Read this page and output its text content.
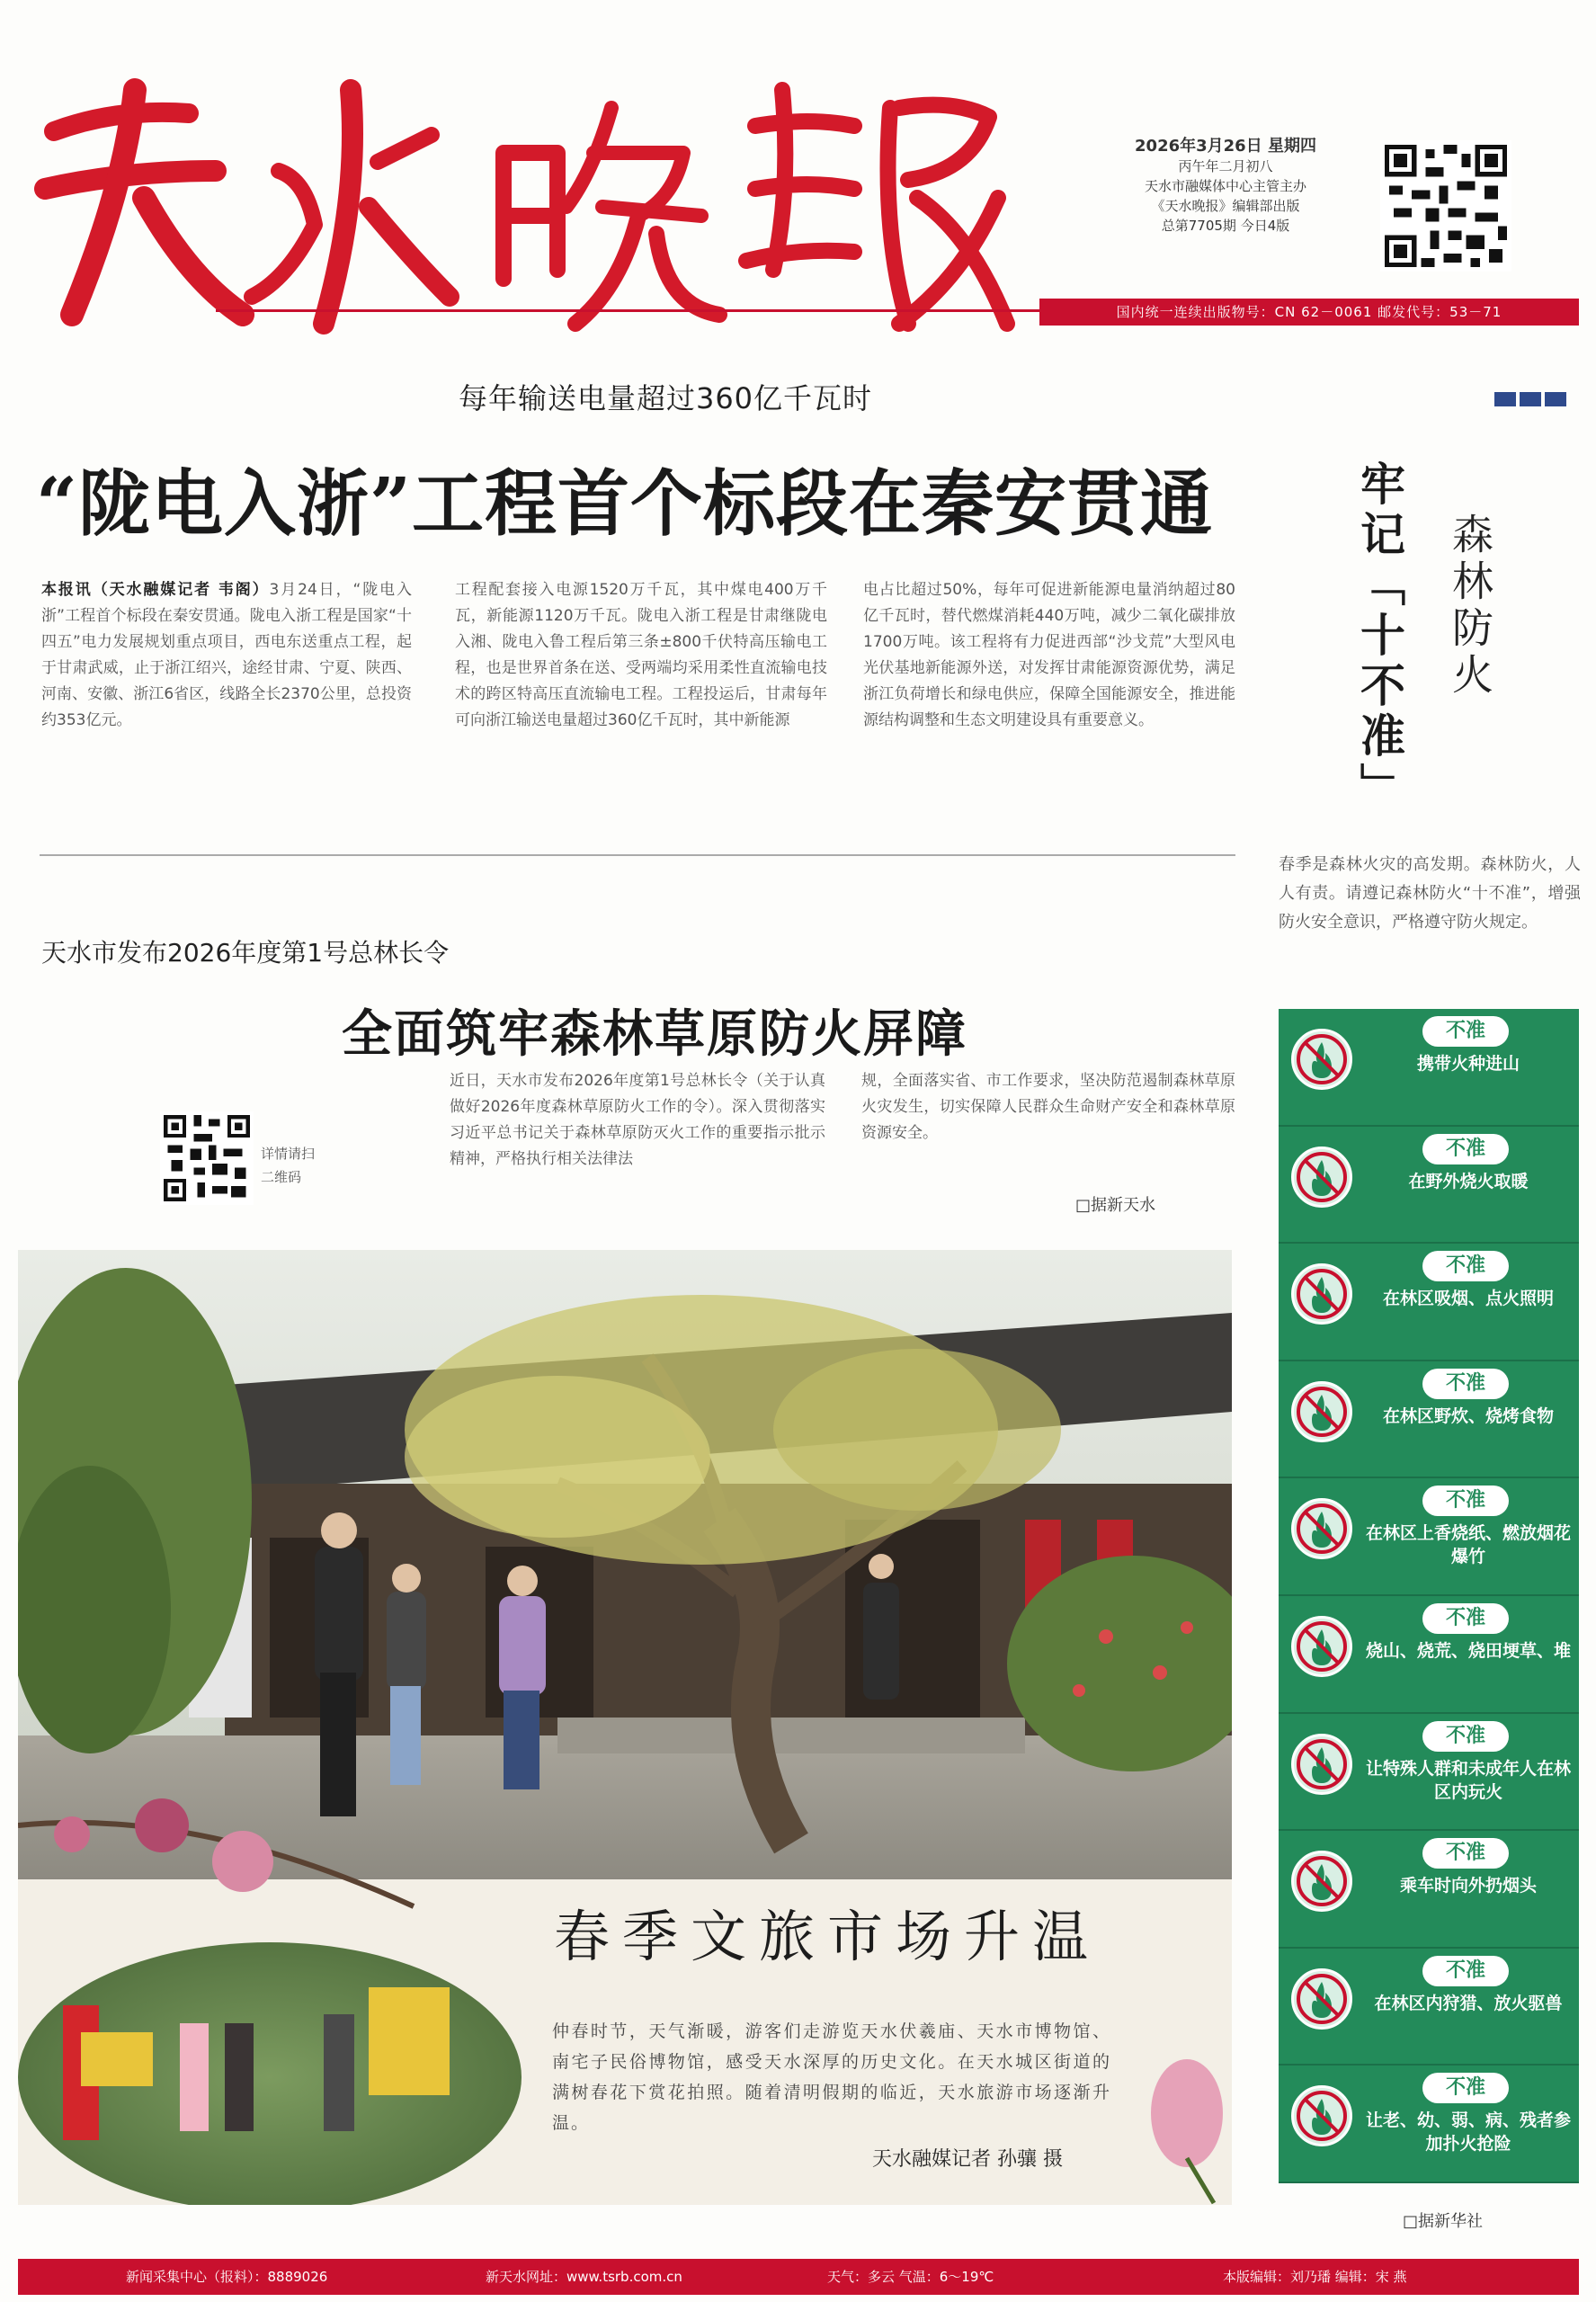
2026年3月26日 星期四
丙午年二月初八
天水市融媒体中心主管主办
《天水晚报》编辑部出版
总第7705期 今日4版
国内统一连续出版物号：CN 62－0061 邮发代号：53－71
每年输送电量超过360亿千瓦时
“陇电入浙”工程首个标段在秦安贯通
本报讯（天水融媒记者 韦阁）3月24日，“陇电入浙”工程首个标段在秦安贯通。陇电入浙工程是国家“十四五”电力发展规划重点项目，西电东送重点工程，起于甘肃武威，止于浙江绍兴，途经甘肃、宁夏、陕西、河南、安徽、浙江6省区，线路全长2370公里，总投资约353亿元。
工程配套接入电源1520万千瓦，其中煤电400万千瓦，新能源1120万千瓦。陇电入浙工程是甘肃继陇电入湘、陇电入鲁工程后第三条±800千伏特高压输电工程，也是世界首条在送、受两端均采用柔性直流输电技术的跨区特高压直流输电工程。工程投运后，甘肃每年可向浙江输送电量超过360亿千瓦时，其中新能源
电占比超过50%，每年可促进新能源电量消纳超过80亿千瓦时，替代燃煤消耗440万吨，减少二氧化碳排放1700万吨。该工程将有力促进西部“沙戈荒”大型风电光伏基地新能源外送，对发挥甘肃能源资源优势，满足浙江负荷增长和绿电供应，保障全国能源安全，推进能源结构调整和生态文明建设具有重要意义。	牢记「十不准」 森林防火
春季是森林火灾的高发期。森林防火，人人有责。请遵记森林防火“十不准”，增强防火安全意识，严格遵守防火规定。
天水市发布2026年度第1号总林长令
全面筑牢森林草原防火屏障
详情请扫二维码
近日，天水市发布2026年度第1号总林长令（关于认真做好2026年度森林草原防火工作的令）。深入贯彻落实习近平总书记关于森林草原防灭火工作的重要指示批示精神，严格执行相关法律法
规，全面落实省、市工作要求，坚决防范遏制森林草原火灾发生，切实保障人民群众生命财产安全和森林草原资源安全。
□据新天水
春季文旅市场升温
仲春时节，天气渐暖，游客们走游览天水伏羲庙、天水市博物馆、南宅子民俗博物馆，感受天水深厚的历史文化。在天水城区街道的满树春花下赏花拍照。随着清明假期的临近，天水旅游市场逐渐升温。
天水融媒记者 孙骧 摄
不准
携带火种进山
不准
在野外烧火取暖
不准
在林区吸烟、点火照明
不准
在林区野炊、烧烤食物
不准
在林区上香烧纸、燃放烟花爆竹
不准
烧山、烧荒、烧田埂草、堆
不准
让特殊人群和未成年人在林区内玩火
不准
乘车时向外扔烟头
不准
在林区内狩猎、放火驱兽
不准
让老、幼、弱、病、残者参加扑火抢险
□据新华社
新闻采集中心（报料）：8889026	新天水网址：www.tsrb.com.cn	天气：多云 气温：6～19℃	本版编辑：刘乃璠 编辑：宋 燕
